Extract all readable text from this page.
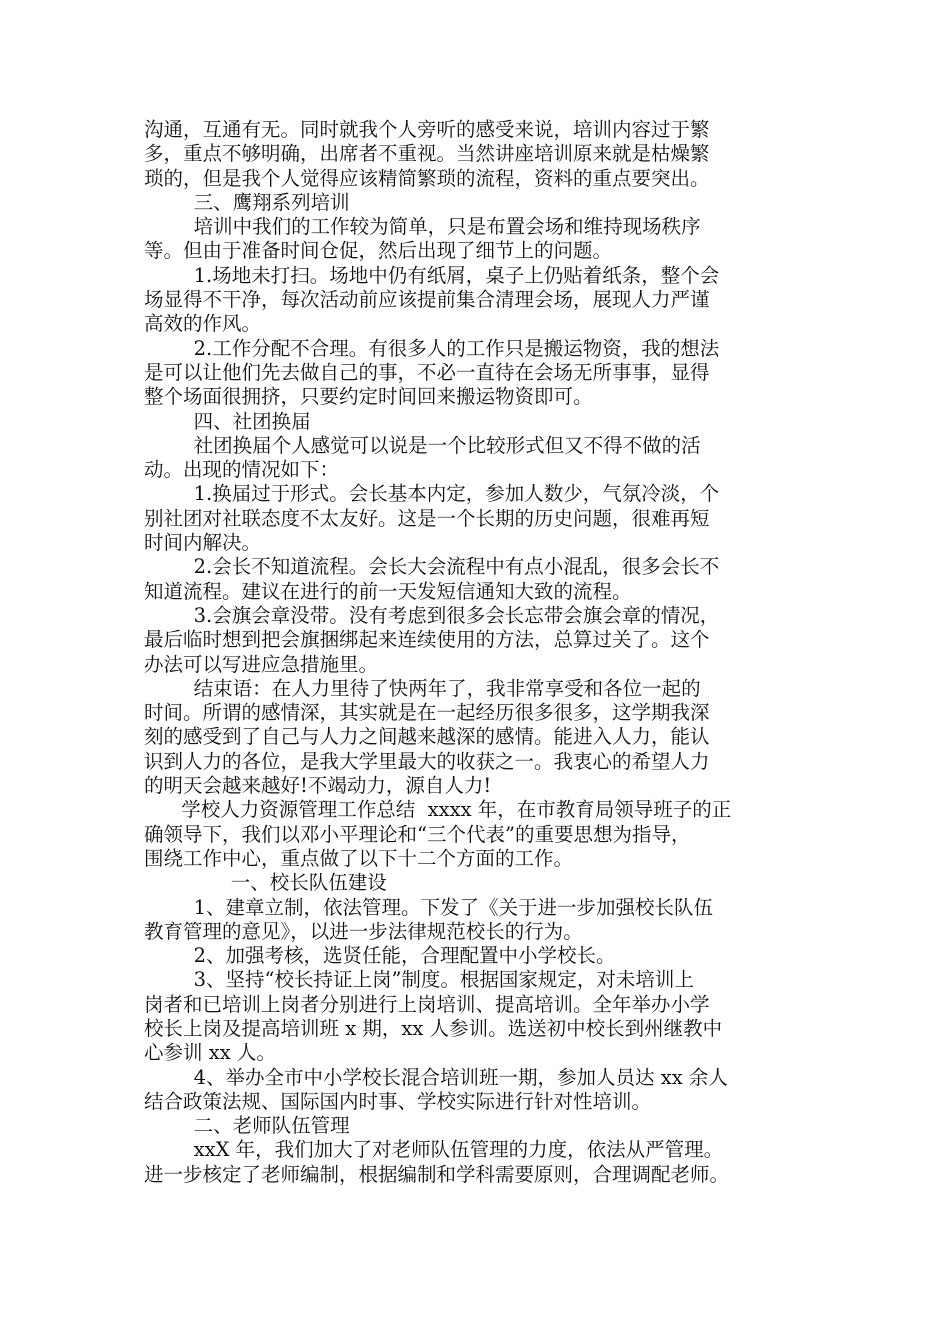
沟通，互通有无。同时就我个人旁听的感受来说，培训内容过于繁
多，重点不够明确，出席者不重视。当然讲座培训原来就是枯燥繁
琐的，但是我个人觉得应该精简繁琐的流程，资料的重点要突出。
三、鹰翔系列培训
培训中我们的工作较为简单，只是布置会场和维持现场秩序
等。但由于准备时间仓促，然后出现了细节上的问题。
1.场地未打扫。场地中仍有纸屑，桌子上仍贴着纸条，整个会
场显得不干净，每次活动前应该提前集合清理会场，展现人力严谨
高效的作风。
2.工作分配不合理。有很多人的工作只是搬运物资，我的想法
是可以让他们先去做自己的事，不必一直待在会场无所事事，显得
整个场面很拥挤，只要约定时间回来搬运物资即可。
四、社团换届
社团换届个人感觉可以说是一个比较形式但又不得不做的活
动。出现的情况如下：
1.换届过于形式。会长基本内定，参加人数少，气氛冷淡，个
别社团对社联态度不太友好。这是一个长期的历史问题，很难再短
时间内解决。
2.会长不知道流程。会长大会流程中有点小混乱，很多会长不
知道流程。建议在进行的前一天发短信通知大致的流程。
3.会旗会章没带。没有考虑到很多会长忘带会旗会章的情况，
最后临时想到把会旗捆绑起来连续使用的方法，总算过关了。这个
办法可以写进应急措施里。
结束语：在人力里待了快两年了，我非常享受和各位一起的
时间。所谓的感情深，其实就是在一起经历很多很多，这学期我深
刻的感受到了自己与人力之间越来越深的感情。能进入人力，能认
识到人力的各位，是我大学里最大的收获之一。我衷心的希望人力
的明天会越来越好!不竭动力，源自人力!
学校人力资源管理工作总结  xxxx 年，在市教育局领导班子的正
确领导下，我们以邓小平理论和“三个代表”的重要思想为指导，
围绕工作中心，重点做了以下十二个方面的工作。
一、校长队伍建设
1、建章立制，依法管理。下发了《关于进一步加强校长队伍
教育管理的意见》，以进一步法律规范校长的行为。
2、加强考核，选贤任能，合理配置中小学校长。
3、坚持“校长持证上岗”制度。根据国家规定，对未培训上
岗者和已培训上岗者分别进行上岗培训、提高培训。全年举办小学
校长上岗及提高培训班 x 期，xx 人参训。选送初中校长到州继教中
心参训 xx 人。
4、举办全市中小学校长混合培训班一期，参加人员达 xx 余人
结合政策法规、国际国内时事、学校实际进行针对性培训。
二、老师队伍管理
xxX 年，我们加大了对老师队伍管理的力度，依法从严管理。
进一步核定了老师编制，根据编制和学科需要原则，合理调配老师。
